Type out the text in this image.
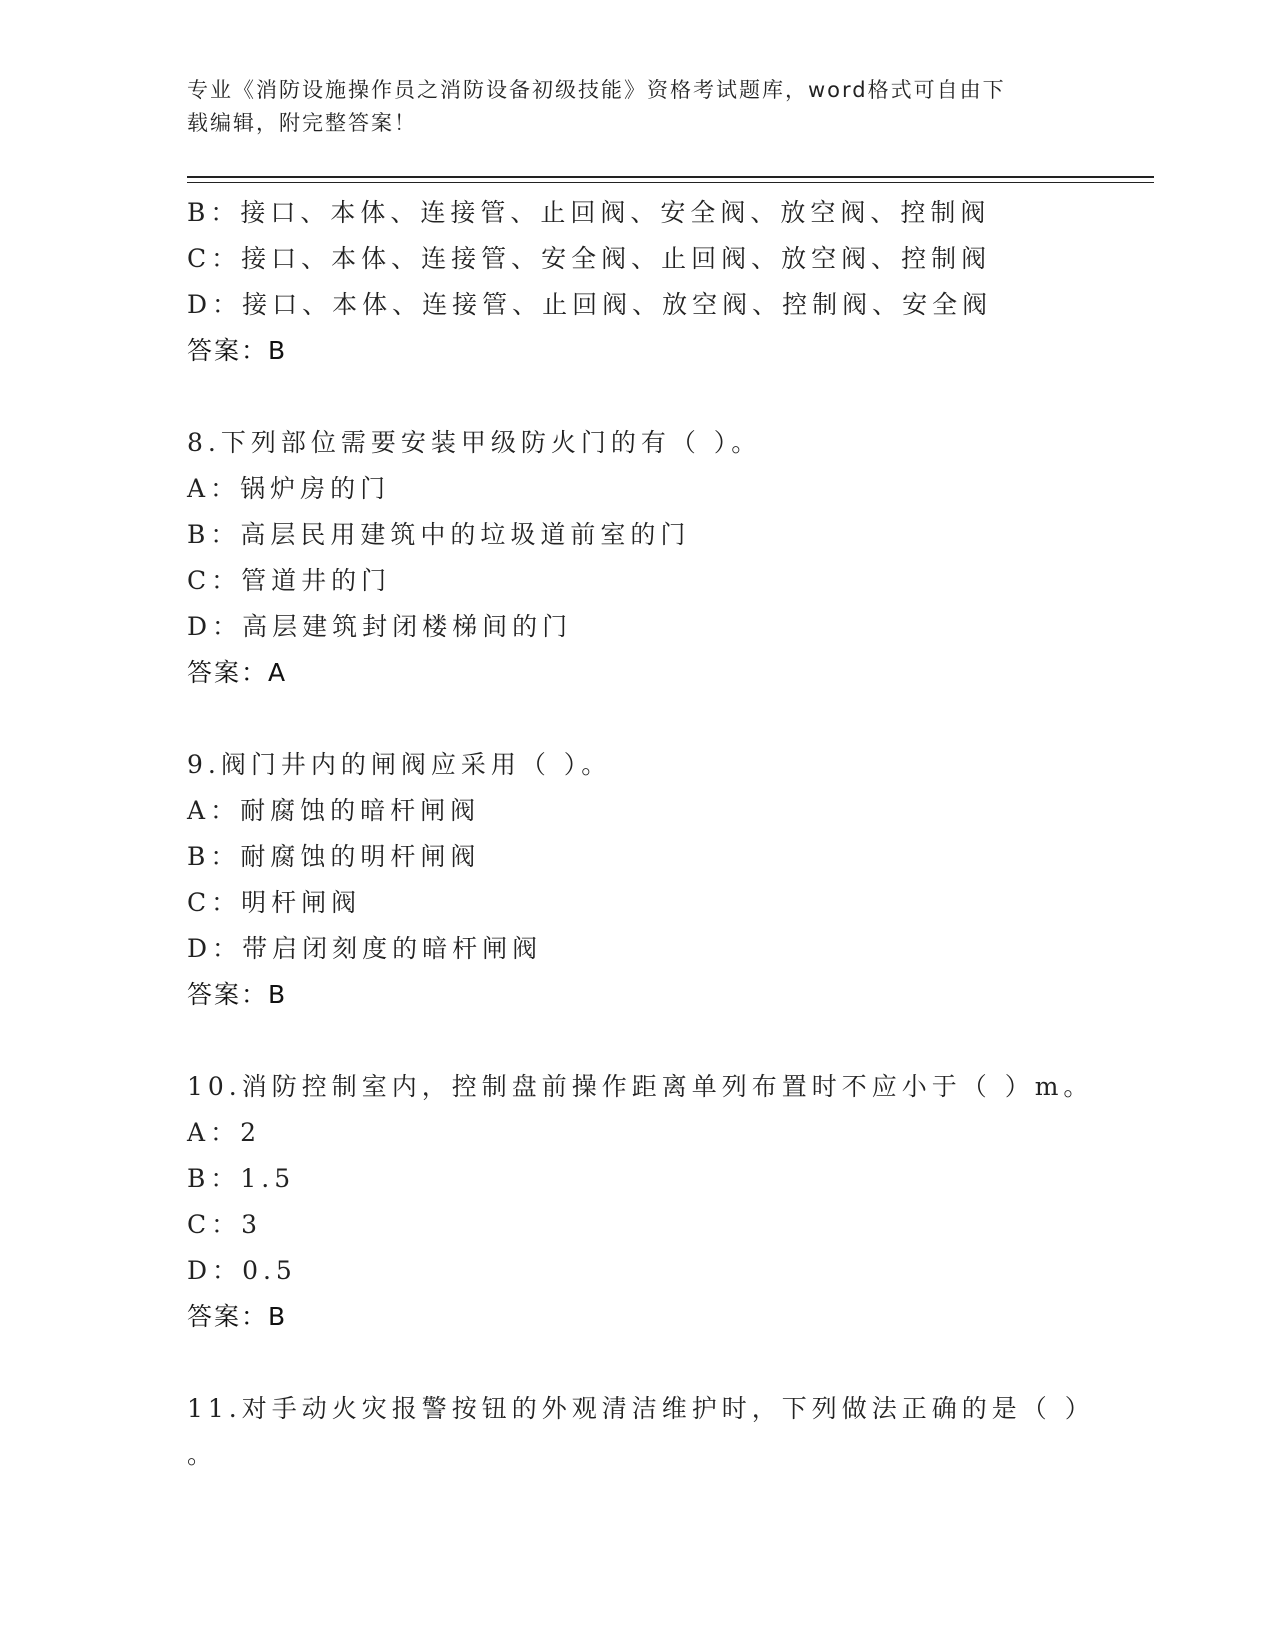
专业《消防设施操作员之消防设备初级技能》资格考试题库，word格式可自由下
载编辑，附完整答案！
B：接口、本体、连接管、止回阀、安全阀、放空阀、控制阀
C：接口、本体、连接管、安全阀、止回阀、放空阀、控制阀
D：接口、本体、连接管、止回阀、放空阀、控制阀、安全阀
答案：B
8.下列部位需要安装甲级防火门的有（ ）。
A：锅炉房的门
B：高层民用建筑中的垃圾道前室的门
C：管道井的门
D：高层建筑封闭楼梯间的门
答案：A
9.阀门井内的闸阀应采用（ ）。
A：耐腐蚀的暗杆闸阀
B：耐腐蚀的明杆闸阀
C：明杆闸阀
D：带启闭刻度的暗杆闸阀
答案：B
10.消防控制室内，控制盘前操作距离单列布置时不应小于（ ）m。
A：2
B：1.5
C：3
D：0.5
答案：B
11.对手动火灾报警按钮的外观清洁维护时，下列做法正确的是（ ）
。
